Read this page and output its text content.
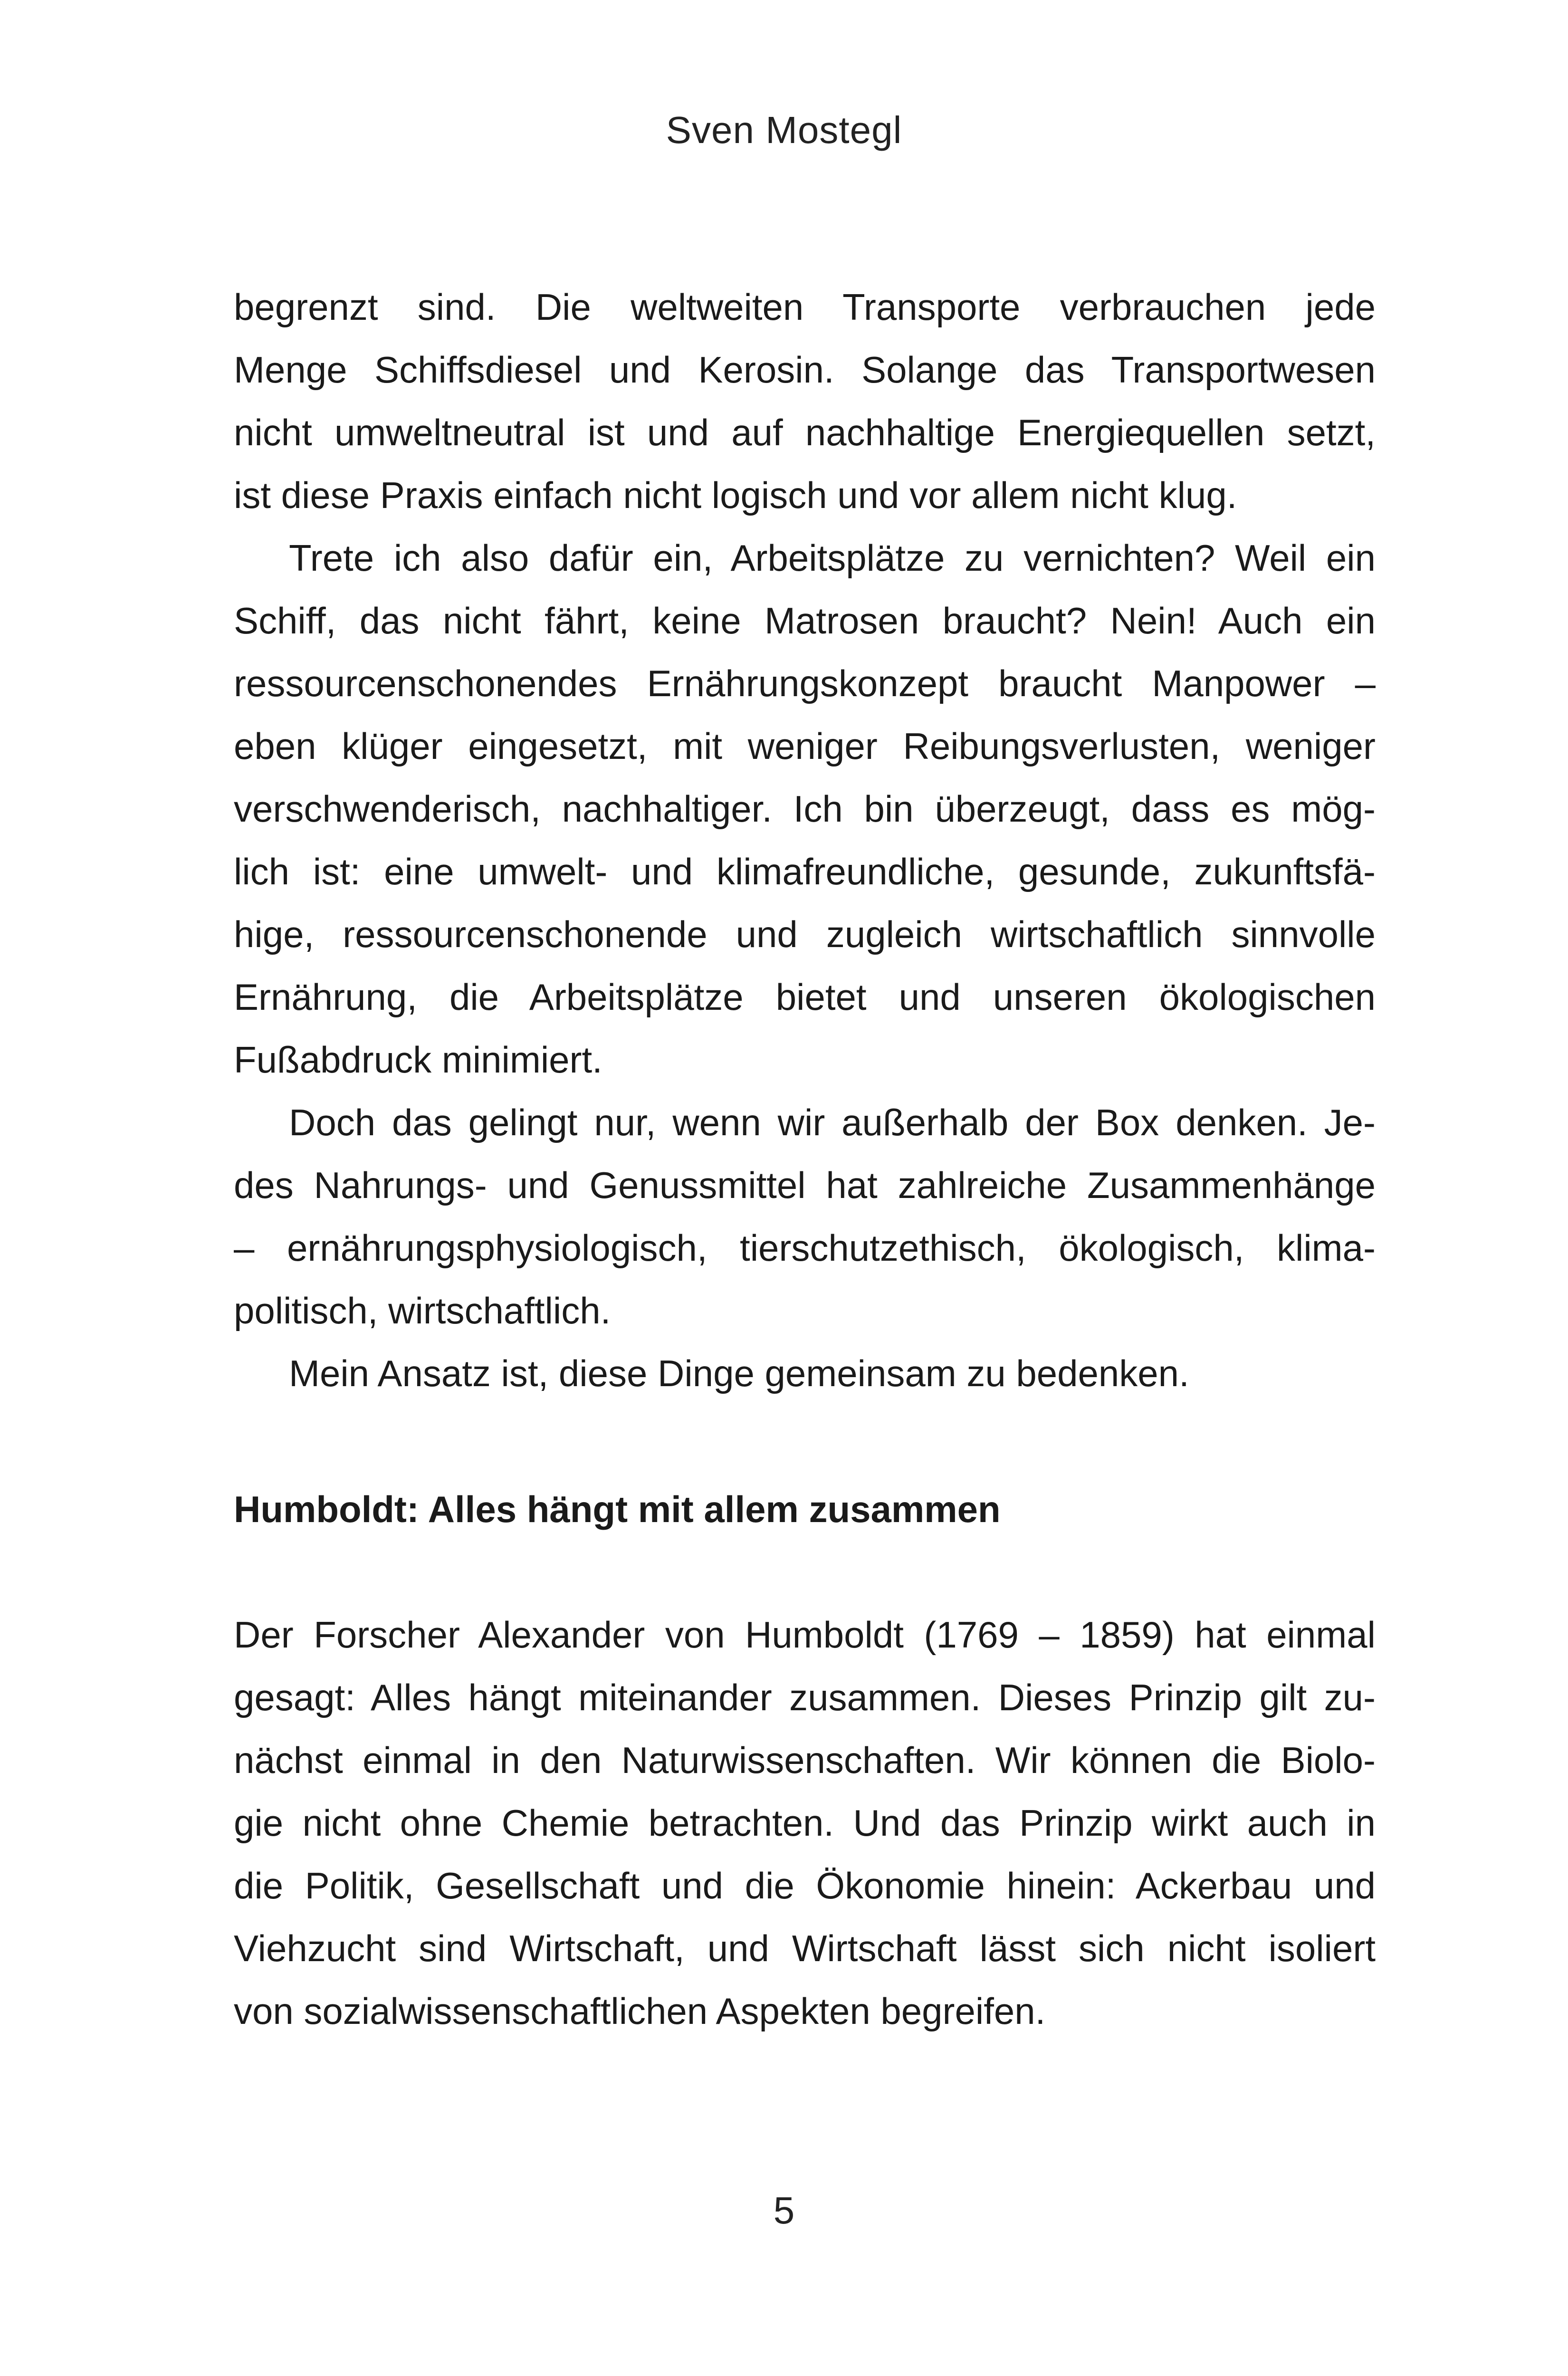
Sven Mostegl
begrenzt sind. Die weltweiten Transporte verbrauchen jede
Menge Schiffsdiesel und Kerosin. Solange das Transportwesen
nicht umweltneutral ist und auf nachhaltige Energiequellen setzt,
ist diese Praxis einfach nicht logisch und vor allem nicht klug.
Trete ich also dafür ein, Arbeitsplätze zu vernichten? Weil ein
Schiff, das nicht fährt, keine Matrosen braucht? Nein! Auch ein
ressourcenschonendes Ernährungskonzept braucht Manpower –
eben klüger eingesetzt, mit weniger Reibungsverlusten, weniger
verschwenderisch, nachhaltiger. Ich bin überzeugt, dass es mög-
lich ist: eine umwelt- und klimafreundliche, gesunde, zukunftsfä-
hige, ressourcenschonende und zugleich wirtschaftlich sinnvolle
Ernährung, die Arbeitsplätze bietet und unseren ökologischen
Fußabdruck minimiert.
Doch das gelingt nur, wenn wir außerhalb der Box denken. Je-
des Nahrungs- und Genussmittel hat zahlreiche Zusammenhänge
– ernährungsphysiologisch, tierschutzethisch, ökologisch, klima-
politisch, wirtschaftlich.
Mein Ansatz ist, diese Dinge gemeinsam zu bedenken.
Humboldt: Alles hängt mit allem zusammen
Der Forscher Alexander von Humboldt (1769 – 1859) hat einmal
gesagt: Alles hängt miteinander zusammen. Dieses Prinzip gilt zu-
nächst einmal in den Naturwissenschaften. Wir können die Biolo-
gie nicht ohne Chemie betrachten. Und das Prinzip wirkt auch in
die Politik, Gesellschaft und die Ökonomie hinein: Ackerbau und
Viehzucht sind Wirtschaft, und Wirtschaft lässt sich nicht isoliert
von sozialwissenschaftlichen Aspekten begreifen.
5
